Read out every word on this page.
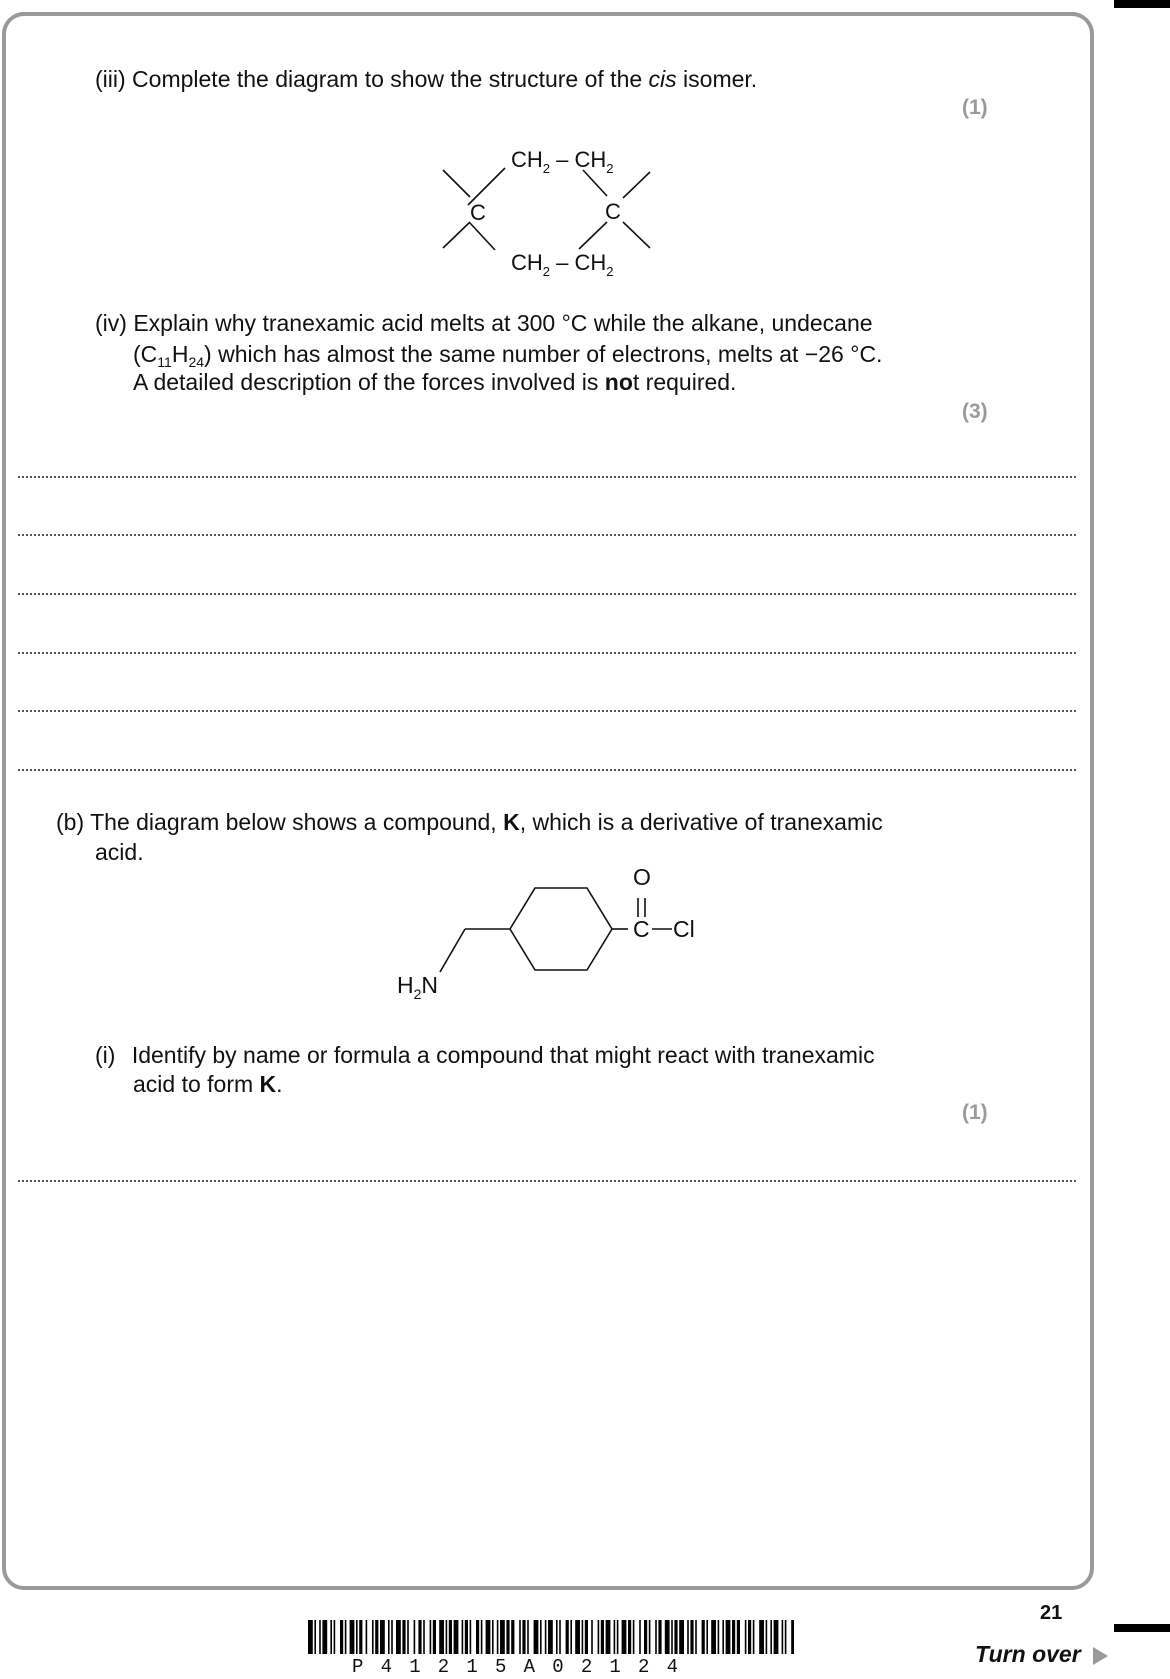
(iii) Complete the diagram to show the structure of the cis isomer.
(1)
$CH_2 - CH_2$
C	C
$CH_2 - CH_2$
(iv) Explain why tranexamic acid melts at 300 °C while the alkane, undecane
$(C_{11}H_{24})$ which has almost the same number of electrons, melts at −26 °C.
A detailed description of the forces involved is not required.
(3)
(b) The diagram below shows a compound, K, which is a derivative of tranexamic
acid.
O
C Cl
$H_2N$
(i) Identify by name or formula a compound that might react with tranexamic
acid to form K.
(1)
21
Turn over
P41215A02124
